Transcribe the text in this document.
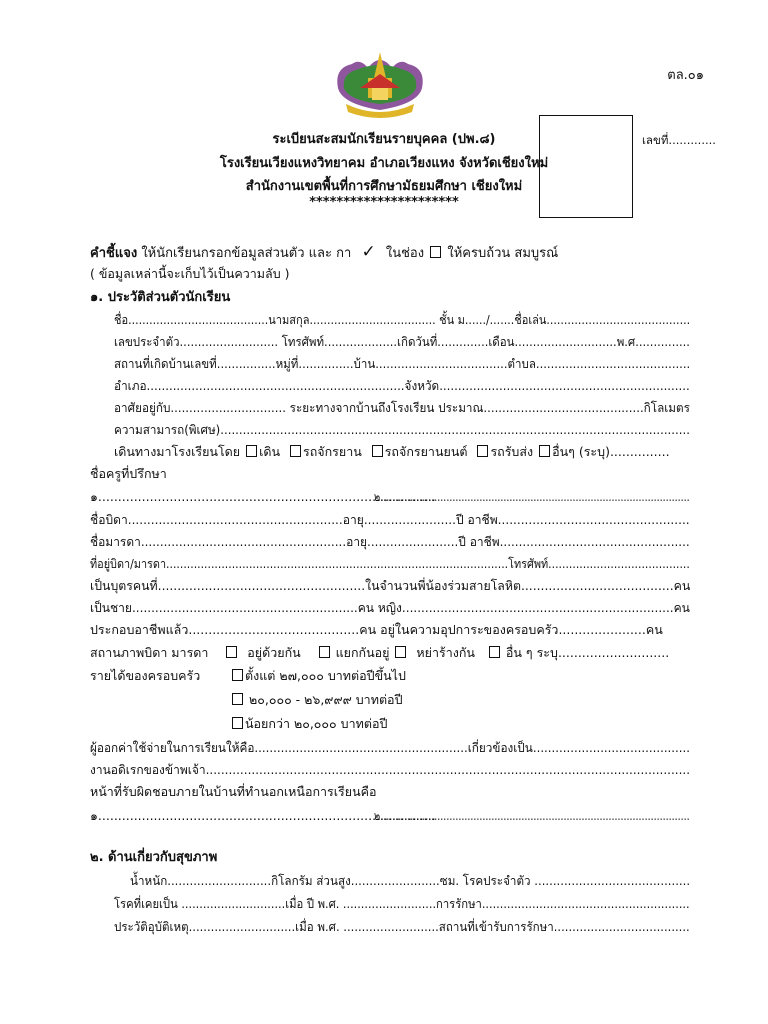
ตล.๐๑
เลขที่.............
ระเบียนสะสมนักเรียนรายบุคคล (ปพ.๘)
โรงเรียนเวียงแหงวิทยาคม อำเภอเวียงแหง จังหวัดเชียงใหม่
สำนักงานเขตพื้นที่การศึกษามัธยมศึกษา เชียงใหม่
**********************
คำชี้แจง ให้นักเรียนกรอกข้อมูลส่วนตัว และ กา ✓ ในช่อง ให้ครบถ้วน สมบูรณ์
( ข้อมูลเหล่านี้จะเก็บไว้เป็นความลับ )
๑. ประวัติส่วนตัวนักเรียน
ชื่อ........................................นามสกุล.................................... ชั้น ม....../.......ชื่อเล่น.........................................
เลขประจำตัว........................... โทรศัพท์....................เกิดวันที่..............เดือน............................พ.ศ...............
สถานที่เกิดบ้านเลขที่................หมู่ที่...............บ้าน....................................ตำบล..........................................
อำเภอ.....................................................................จังหวัด...................................................................
อาศัยอยู่กับ............................... ระยะทางจากบ้านถึงโรงเรียน ประมาณ...........................................กิโลเมตร
ความสามารถ(พิเศษ)..............................................................................................................................
เดินทางมาโรงเรียนโดย เดิน รถจักรยาน รถจักรยานยนต์ รถรับส่ง อื่นๆ (ระบุ)...............
ชื่อครูที่ปรึกษา
๑.....................................................................................
๒.......................................................................................................
ชื่อบิดา........................................................อายุ........................ปี อาชีพ..................................................
ชื่อมารดา......................................................อายุ........................ปี อาชีพ..................................................
ที่อยู่บิดา/มารดา...................................................................................................โทรศัพท์.........................................
เป็นบุตรคนที่.....................................................ในจำนวนพี่น้องร่วมสายโลหิต.......................................คน
เป็นชาย...........................................................คน หญิง.......................................................................คน
ประกอบอาชีพแล้ว...........................................คน อยู่ในความอุปการะของครอบครัว......................คน
สถานภาพบิดา มารดา	อยู่ด้วยกัน	แยกกันอยู่ หย่าร้างกัน อื่น ๆ ระบุ............................
รายได้ของครอบครัว	ตั้งแต่ ๒๗,๐๐๐ บาทต่อปีขึ้นไป
๒๐,๐๐๐ - ๒๖,๙๙๙ บาทต่อปี
น้อยกว่า ๒๐,๐๐๐ บาทต่อปี
ผู้ออกค่าใช้จ่ายในการเรียนให้คือ.........................................................เกี่ยวข้องเป็น..........................................
งานอดิเรกของข้าพเจ้า...............................................................................................................................
หน้าที่รับผิดชอบภายในบ้านที่ทำนอกเหนือการเรียนคือ
๑.....................................................................................
๒.......................................................................................................
๒. ด้านเกี่ยวกับสุขภาพ
น้ำหนัก............................กิโลกรัม ส่วนสูง........................ซม. โรคประจำตัว ..........................................
โรคที่เคยเป็น .............................เมื่อ ปี พ.ศ. ..........................การรักษา..........................................................
ประวัติอุบัติเหตุ.............................เมื่อ พ.ศ. ..........................สถานที่เข้ารับการรักษา.....................................
